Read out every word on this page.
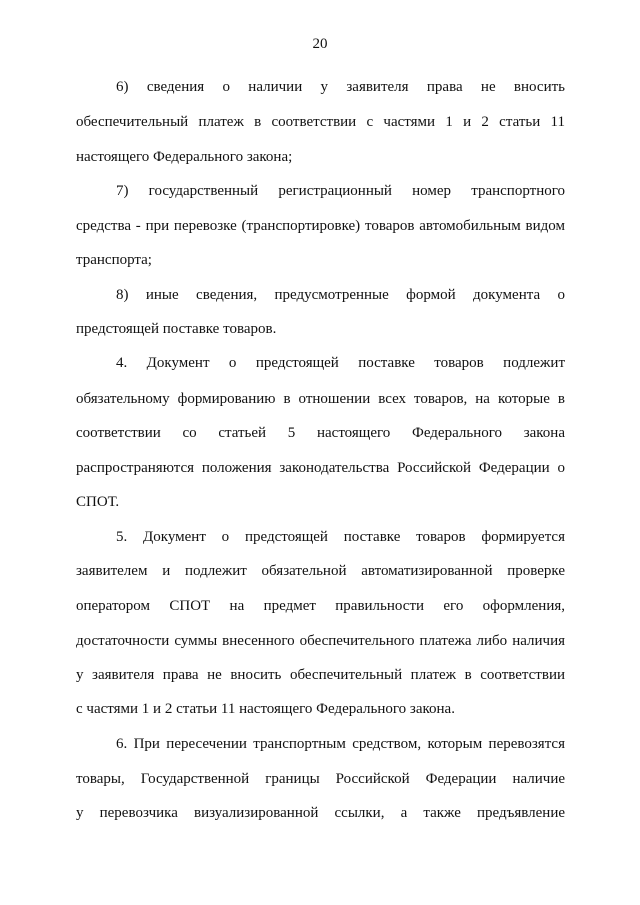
20
6) сведения о наличии у заявителя права не вносить
обеспечительный платеж в соответствии с частями 1 и 2 статьи 11
настоящего Федерального закона;
7) государственный регистрационный номер транспортного
средства - при перевозке (транспортировке) товаров автомобильным видом
транспорта;
8) иные сведения, предусмотренные формой документа о
предстоящей поставке товаров.
4. Документ о предстоящей поставке товаров подлежит
обязательному формированию в отношении всех товаров, на которые в
соответствии со статьей 5 настоящего Федерального закона
распространяются положения законодательства Российской Федерации о
СПОТ.
5. Документ о предстоящей поставке товаров формируется
заявителем и подлежит обязательной автоматизированной проверке
оператором СПОТ на предмет правильности его оформления,
достаточности суммы внесенного обеспечительного платежа либо наличия
у заявителя права не вносить обеспечительный платеж в соответствии
с частями 1 и 2 статьи 11 настоящего Федерального закона.
6. При пересечении транспортным средством, которым перевозятся
товары, Государственной границы Российской Федерации наличие
у перевозчика визуализированной ссылки, а также предъявление
